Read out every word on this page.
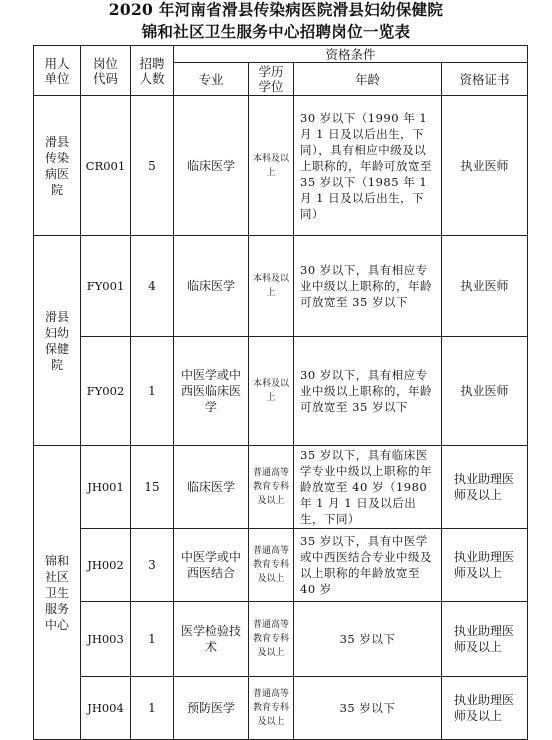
2020 年河南省滑县传染病医院滑县妇幼保健院
锦和社区卫生服务中心招聘岗位一览表
用人单位	岗位代码	招聘人数	资格条件			
			专业	学历学位	年龄	资格证书
滑县传染病医院	CR001	5	临床医学	本科及以上	30 岁以下（1990 年 1 月 1 日及以后出生，下同），具有相应中级及以上职称的，年龄可放宽至 35 岁以下（1985 年 1 月 1 日及以后出生，下同）	执业医师
滑县妇幼保健院	FY001	4	临床医学	本科及以上	30 岁以下，具有相应专业中级以上职称的，年龄可放宽至 35 岁以下	执业医师
	FY002	1	中医学或中西医临床医学	本科及以上	30 岁以下，具有相应专业中级以上职称的，年龄可放宽至 35 岁以下	执业医师
锦和社区卫生服务中心	JH001	15	临床医学	普通高等教育专科及以上	35 岁以下，具有临床医学专业中级以上职称的年龄放宽至 40 岁（1980 年 1 月 1 日及以后出生，下同）	执业助理医师及以上
	JH002	3	中医学或中西医结合	普通高等教育专科及以上	35 岁以下，具有中医学或中西医结合专业中级及以上职称的年龄放宽至 40 岁	执业助理医师及以上
	JH003	1	医学检验技术	普通高等教育专科及以上	35 岁以下	执业助理医师及以上
	JH004	1	预防医学	普通高等教育专科及以上	35 岁以下	执业助理医师及以上
